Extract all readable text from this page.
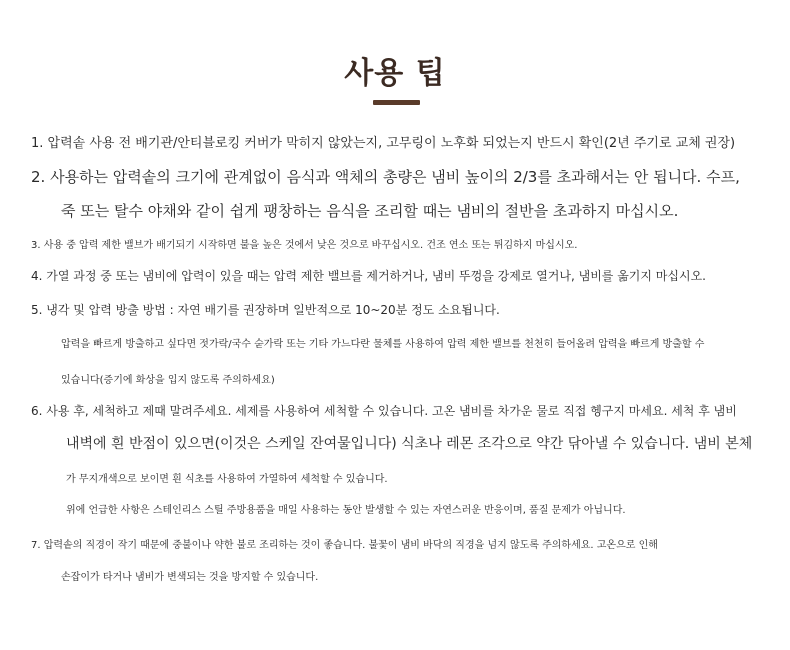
사용 팁
1. 압력솥 사용 전 배기관/안티블로킹 커버가 막히지 않았는지, 고무링이 노후화 되었는지 반드시 확인(2년 주기로 교체 권장)
2. 사용하는 압력솥의 크기에 관계없이 음식과 액체의 총량은 냄비 높이의 2/3를 초과해서는 안 됩니다. 수프,
죽 또는 탈수 야채와 같이 쉽게 팽창하는 음식을 조리할 때는 냄비의 절반을 초과하지 마십시오.
3. 사용 중 압력 제한 밸브가 배기되기 시작하면 불을 높은 것에서 낮은 것으로 바꾸십시오. 건조 연소 또는 튀김하지 마십시오.
4. 가열 과정 중 또는 냄비에 압력이 있을 때는 압력 제한 밸브를 제거하거나, 냄비 뚜껑을 강제로 열거나, 냄비를 옮기지 마십시오.
5. 냉각 및 압력 방출 방법 : 자연 배기를 권장하며 일반적으로 10~20분 정도 소요됩니다.
압력을 빠르게 방출하고 싶다면 젓가락/국수 숟가락 또는 기타 가느다란 물체를 사용하여 압력 제한 밸브를 천천히 들어올려 압력을 빠르게 방출할 수
있습니다(증기에 화상을 입지 않도록 주의하세요)
6. 사용 후, 세척하고 제때 말려주세요. 세제를 사용하여 세척할 수 있습니다. 고온 냄비를 차가운 물로 직접 헹구지 마세요. 세척 후 냄비
내벽에 흰 반점이 있으면(이것은 스케일 잔여물입니다) 식초나 레몬 조각으로 약간 닦아낼 수 있습니다. 냄비 본체
가 무지개색으로 보이면 흰 식초를 사용하여 가열하여 세척할 수 있습니다.
위에 언급한 사항은 스테인리스 스틸 주방용품을 매일 사용하는 동안 발생할 수 있는 자연스러운 반응이며, 품질 문제가 아닙니다.
7. 압력솥의 직경이 작기 때문에 중불이나 약한 불로 조리하는 것이 좋습니다. 불꽃이 냄비 바닥의 직경을 넘지 않도록 주의하세요. 고온으로 인해
손잡이가 타거나 냄비가 변색되는 것을 방지할 수 있습니다.
